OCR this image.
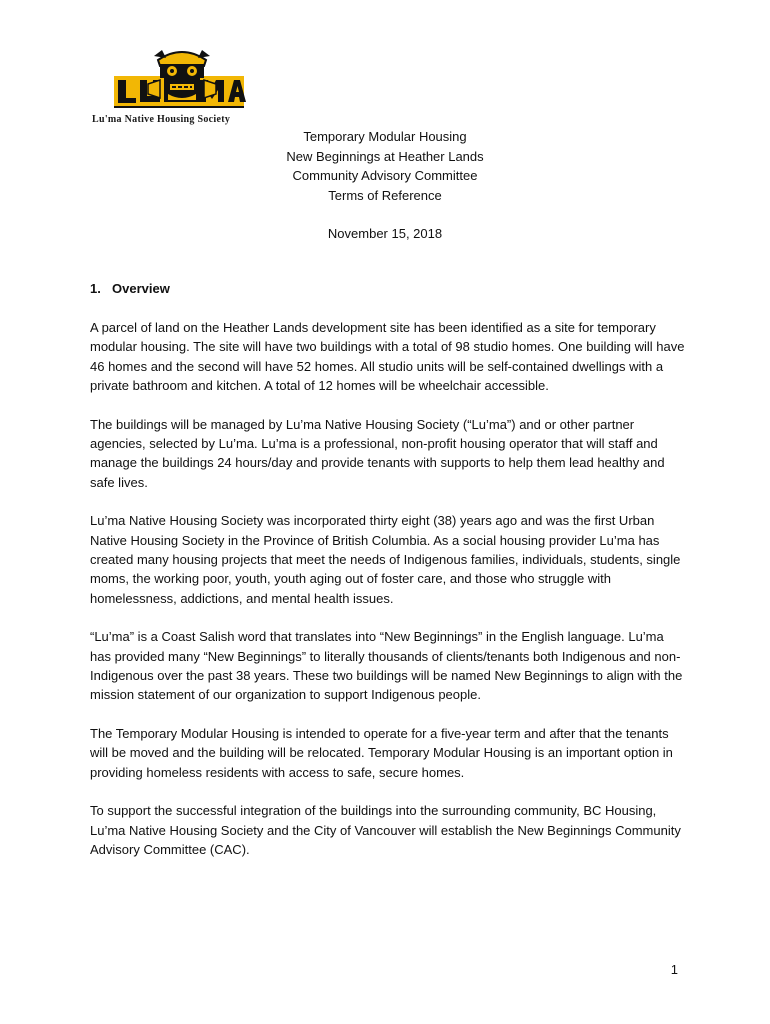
Lu'ma Native Housing Society
Temporary Modular Housing
New Beginnings at Heather Lands
Community Advisory Committee
Terms of Reference
November 15, 2018
1. Overview

A parcel of land on the Heather Lands development site has been identified as a site for temporary modular housing. The site will have two buildings with a total of 98 studio homes. One building will have 46 homes and the second will have 52 homes. All studio units will be self-contained dwellings with a private bathroom and kitchen. A total of 12 homes will be wheelchair accessible.

The buildings will be managed by Lu’ma Native Housing Society (“Lu’ma”) and or other partner agencies, selected by Lu’ma. Lu’ma is a professional, non-profit housing operator that will staff and manage the buildings 24 hours/day and provide tenants with supports to help them lead healthy and safe lives.

Lu’ma Native Housing Society was incorporated thirty eight (38) years ago and was the first Urban Native Housing Society in the Province of British Columbia. As a social housing provider Lu’ma has created many housing projects that meet the needs of Indigenous families, individuals, students, single moms, the working poor, youth, youth aging out of foster care, and those who struggle with homelessness, addictions, and mental health issues.

“Lu’ma” is a Coast Salish word that translates into “New Beginnings” in the English language. Lu’ma has provided many “New Beginnings” to literally thousands of clients/tenants both Indigenous and non-Indigenous over the past 38 years. These two buildings will be named New Beginnings to align with the mission statement of our organization to support Indigenous people.

The Temporary Modular Housing is intended to operate for a five-year term and after that the tenants will be moved and the building will be relocated. Temporary Modular Housing is an important option in providing homeless residents with access to safe, secure homes.

To support the successful integration of the buildings into the surrounding community, BC Housing, Lu’ma Native Housing Society and the City of Vancouver will establish the New Beginnings Community Advisory Committee (CAC).

1
